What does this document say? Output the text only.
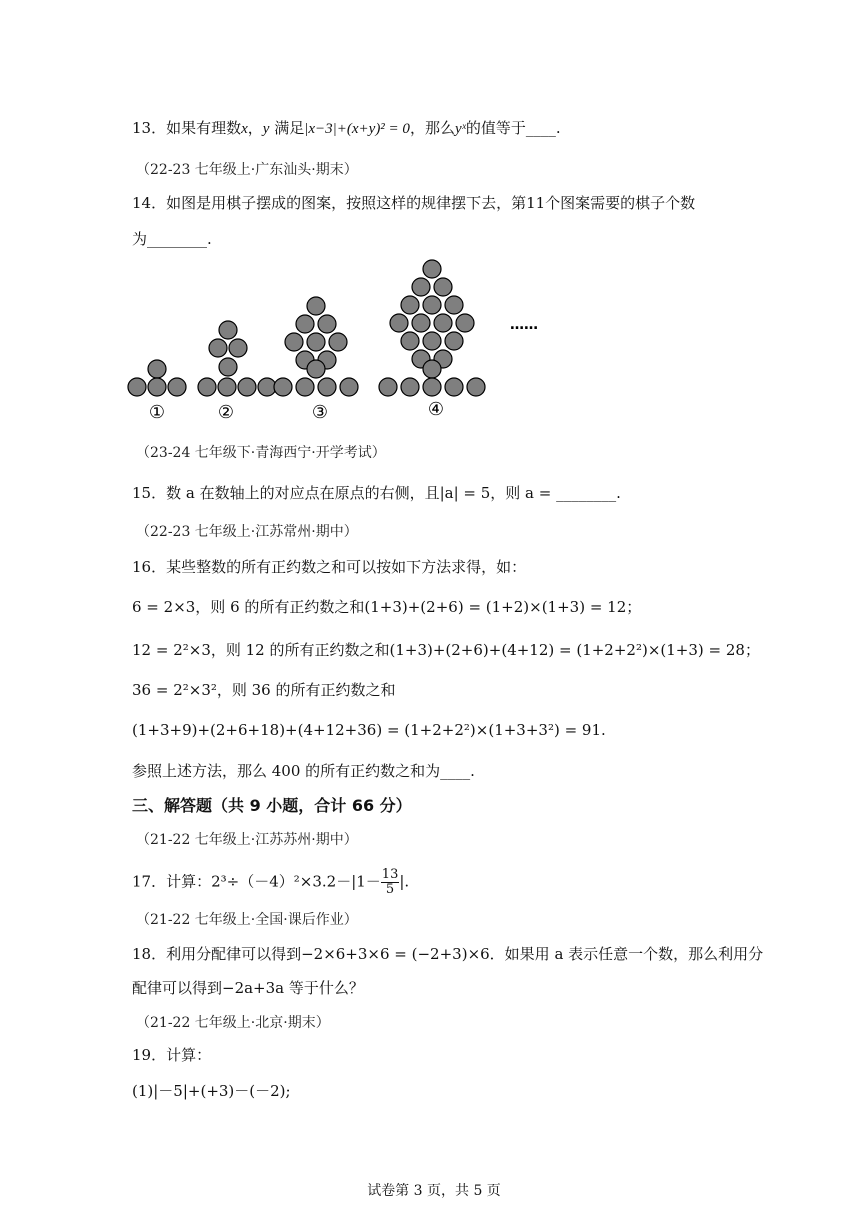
13．如果有理数x，y 满足|x−3|+(x+y)² = 0，那么yˣ的值等于____.
（22-23 七年级上·广东汕头·期末）
14．如图是用棋子摆成的图案，按照这样的规律摆下去，第11个图案需要的棋子个数
为________.
①	②	③	④
……
（23-24 七年级下·青海西宁·开学考试）
15．数 a 在数轴上的对应点在原点的右侧，且|a| = 5，则 a = ________.
（22-23 七年级上·江苏常州·期中）
16．某些整数的所有正约数之和可以按如下方法求得，如：
6 = 2×3，则 6 的所有正约数之和(1+3)+(2+6) = (1+2)×(1+3) = 12；
12 = 2²×3，则 12 的所有正约数之和(1+3)+(2+6)+(4+12) = (1+2+2²)×(1+3) = 28；
36 = 2²×3²，则 36 的所有正约数之和
(1+3+9)+(2+6+18)+(4+12+36) = (1+2+2²)×(1+3+3²) = 91.
参照上述方法，那么 400 的所有正约数之和为____.
三、解答题（共 9 小题，合计 66 分）
（21-22 七年级上·江苏苏州·期中）
17．计算：$2^3\div(-4)^2\times 3.2-|1- \frac{13}{5}$ |.
（21-22 七年级上·全国·课后作业）
18．利用分配律可以得到−2×6+3×6 = (−2+3)×6．如果用 a 表示任意一个数，那么利用分
配律可以得到−2a+3a 等于什么？
（21-22 七年级上·北京·期末）
19．计算：
(1)|－5|+(+3)－(－2);
试卷第 3 页，共 5 页
